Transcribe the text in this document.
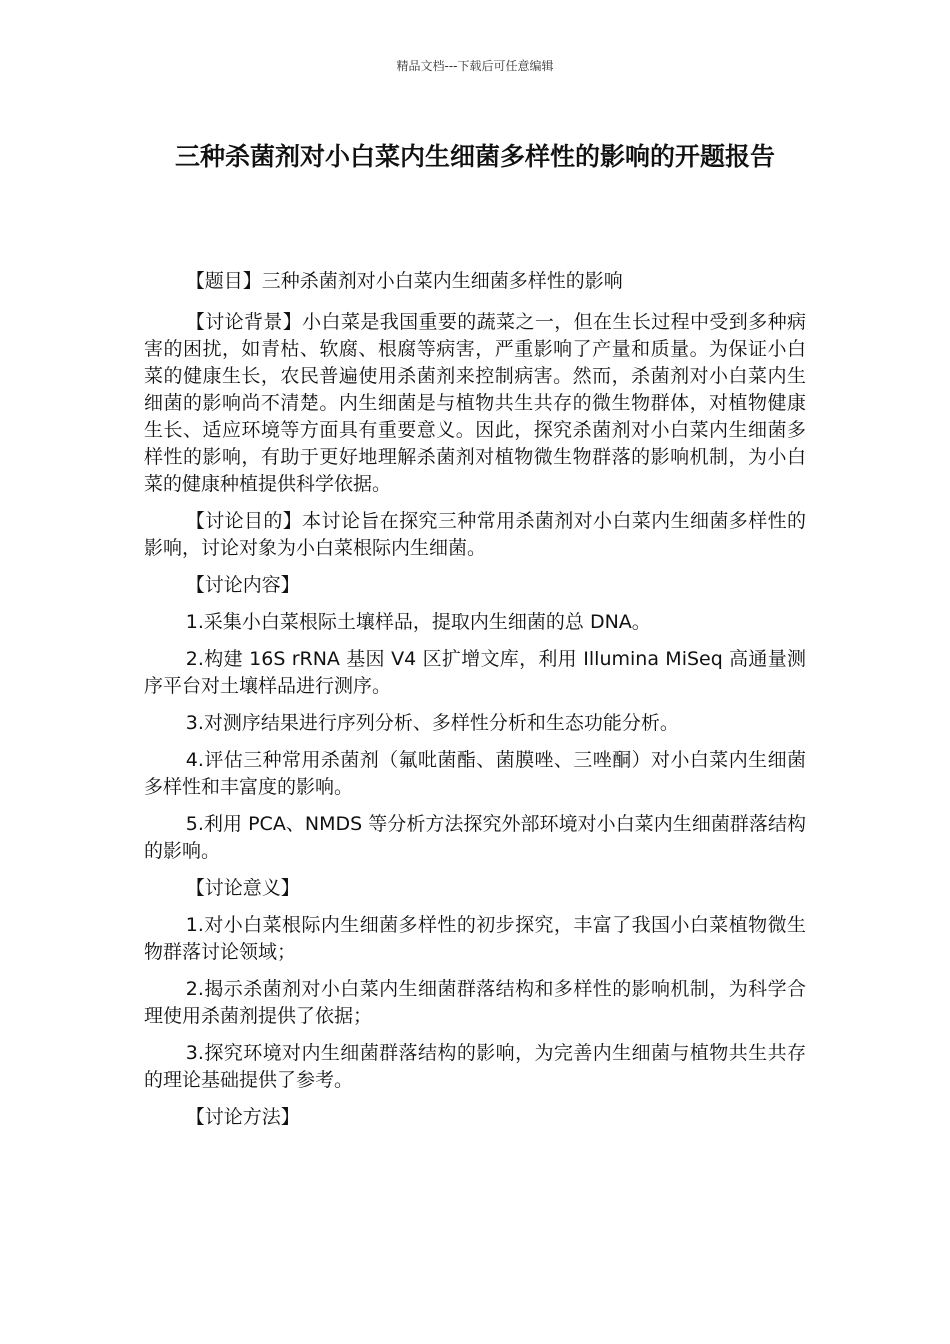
精品文档---下载后可任意编辑
三种杀菌剂对小白菜内生细菌多样性的影响的开题报告

【题目】三种杀菌剂对小白菜内生细菌多样性的影响

【讨论背景】小白菜是我国重要的蔬菜之一，但在生长过程中受到多种病害的困扰，如青枯、软腐、根腐等病害，严重影响了产量和质量。为保证小白菜的健康生长，农民普遍使用杀菌剂来控制病害。然而，杀菌剂对小白菜内生细菌的影响尚不清楚。内生细菌是与植物共生共存的微生物群体，对植物健康生长、适应环境等方面具有重要意义。因此，探究杀菌剂对小白菜内生细菌多样性的影响，有助于更好地理解杀菌剂对植物微生物群落的影响机制，为小白菜的健康种植提供科学依据。

【讨论目的】本讨论旨在探究三种常用杀菌剂对小白菜内生细菌多样性的影响，讨论对象为小白菜根际内生细菌。

【讨论内容】

1.采集小白菜根际土壤样品，提取内生细菌的总 DNA。

2.构建 16S rRNA 基因 V4 区扩增文库，利用 Illumina MiSeq 高通量测序平台对土壤样品进行测序。

3.对测序结果进行序列分析、多样性分析和生态功能分析。

4.评估三种常用杀菌剂（氟吡菌酯、菌膜唑、三唑酮）对小白菜内生细菌多样性和丰富度的影响。

5.利用 PCA、NMDS 等分析方法探究外部环境对小白菜内生细菌群落结构的影响。

【讨论意义】

1.对小白菜根际内生细菌多样性的初步探究，丰富了我国小白菜植物微生物群落讨论领域；

2.揭示杀菌剂对小白菜内生细菌群落结构和多样性的影响机制，为科学合理使用杀菌剂提供了依据；

3.探究环境对内生细菌群落结构的影响，为完善内生细菌与植物共生共存的理论基础提供了参考。

【讨论方法】
